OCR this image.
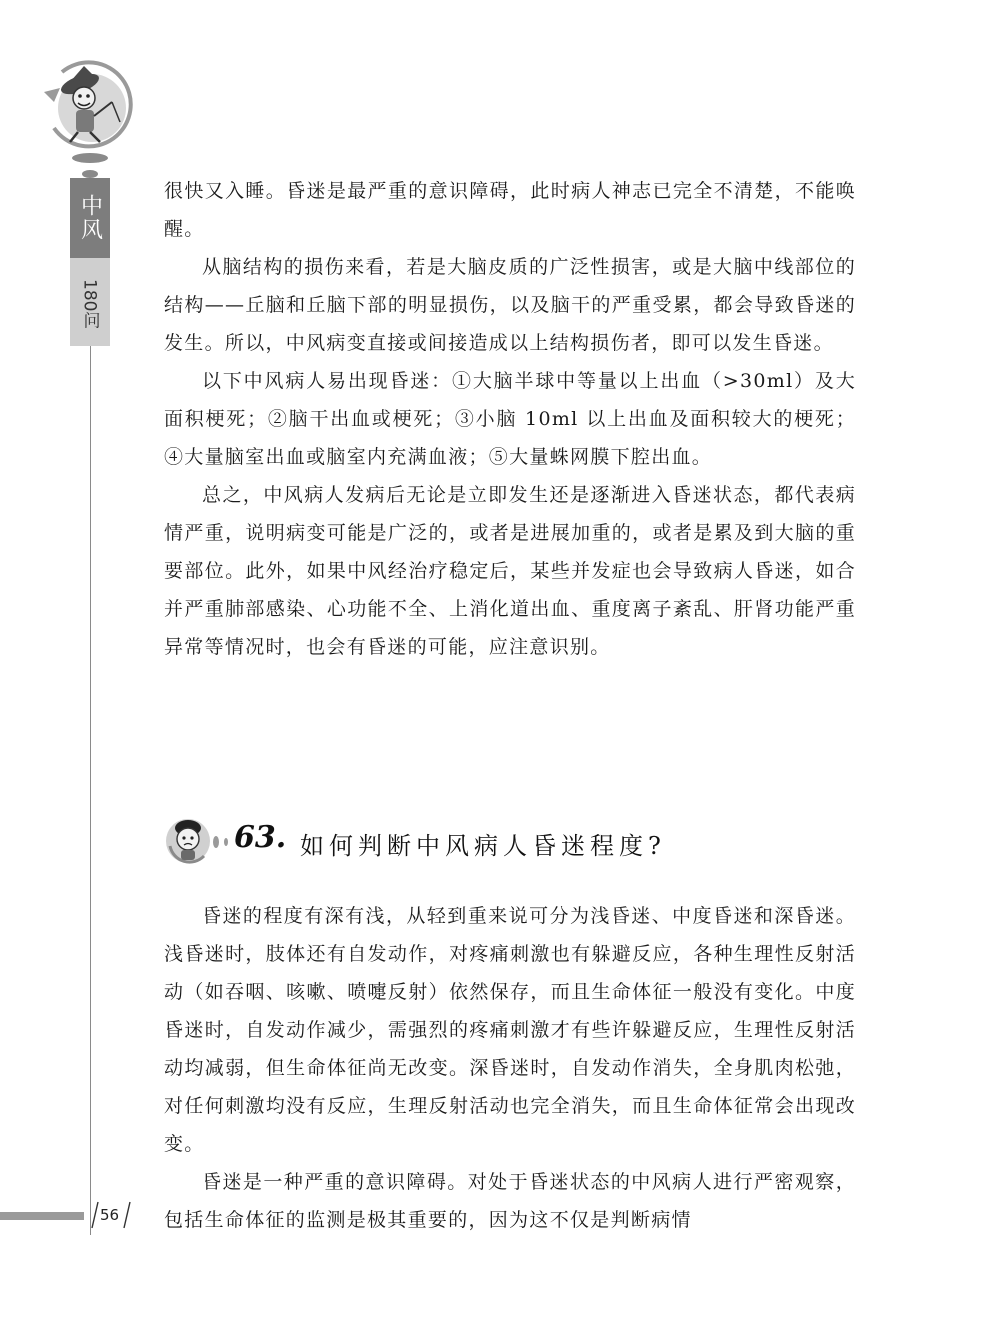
中风
180问

很快又入睡。昏迷是最严重的意识障碍，此时病人神志已完全不清楚，不能唤醒。

从脑结构的损伤来看，若是大脑皮质的广泛性损害，或是大脑中线部位的结构——丘脑和丘脑下部的明显损伤，以及脑干的严重受累，都会导致昏迷的发生。所以，中风病变直接或间接造成以上结构损伤者，即可以发生昏迷。

以下中风病人易出现昏迷：①大脑半球中等量以上出血（>30ml）及大面积梗死；②脑干出血或梗死；③小脑 10ml 以上出血及面积较大的梗死；④大量脑室出血或脑室内充满血液；⑤大量蛛网膜下腔出血。

总之，中风病人发病后无论是立即发生还是逐渐进入昏迷状态，都代表病情严重，说明病变可能是广泛的，或者是进展加重的，或者是累及到大脑的重要部位。此外，如果中风经治疗稳定后，某些并发症也会导致病人昏迷，如合并严重肺部感染、心功能不全、上消化道出血、重度离子紊乱、肝肾功能严重异常等情况时，也会有昏迷的可能，应注意识别。

63. 如何判断中风病人昏迷程度?

昏迷的程度有深有浅，从轻到重来说可分为浅昏迷、中度昏迷和深昏迷。浅昏迷时，肢体还有自发动作，对疼痛刺激也有躲避反应，各种生理性反射活动（如吞咽、咳嗽、喷嚏反射）依然保存，而且生命体征一般没有变化。中度昏迷时，自发动作减少，需强烈的疼痛刺激才有些许躲避反应，生理性反射活动均减弱，但生命体征尚无改变。深昏迷时，自发动作消失，全身肌肉松弛，对任何刺激均没有反应，生理反射活动也完全消失，而且生命体征常会出现改变。

昏迷是一种严重的意识障碍。对处于昏迷状态的中风病人进行严密观察，包括生命体征的监测是极其重要的，因为这不仅是判断病情

56
